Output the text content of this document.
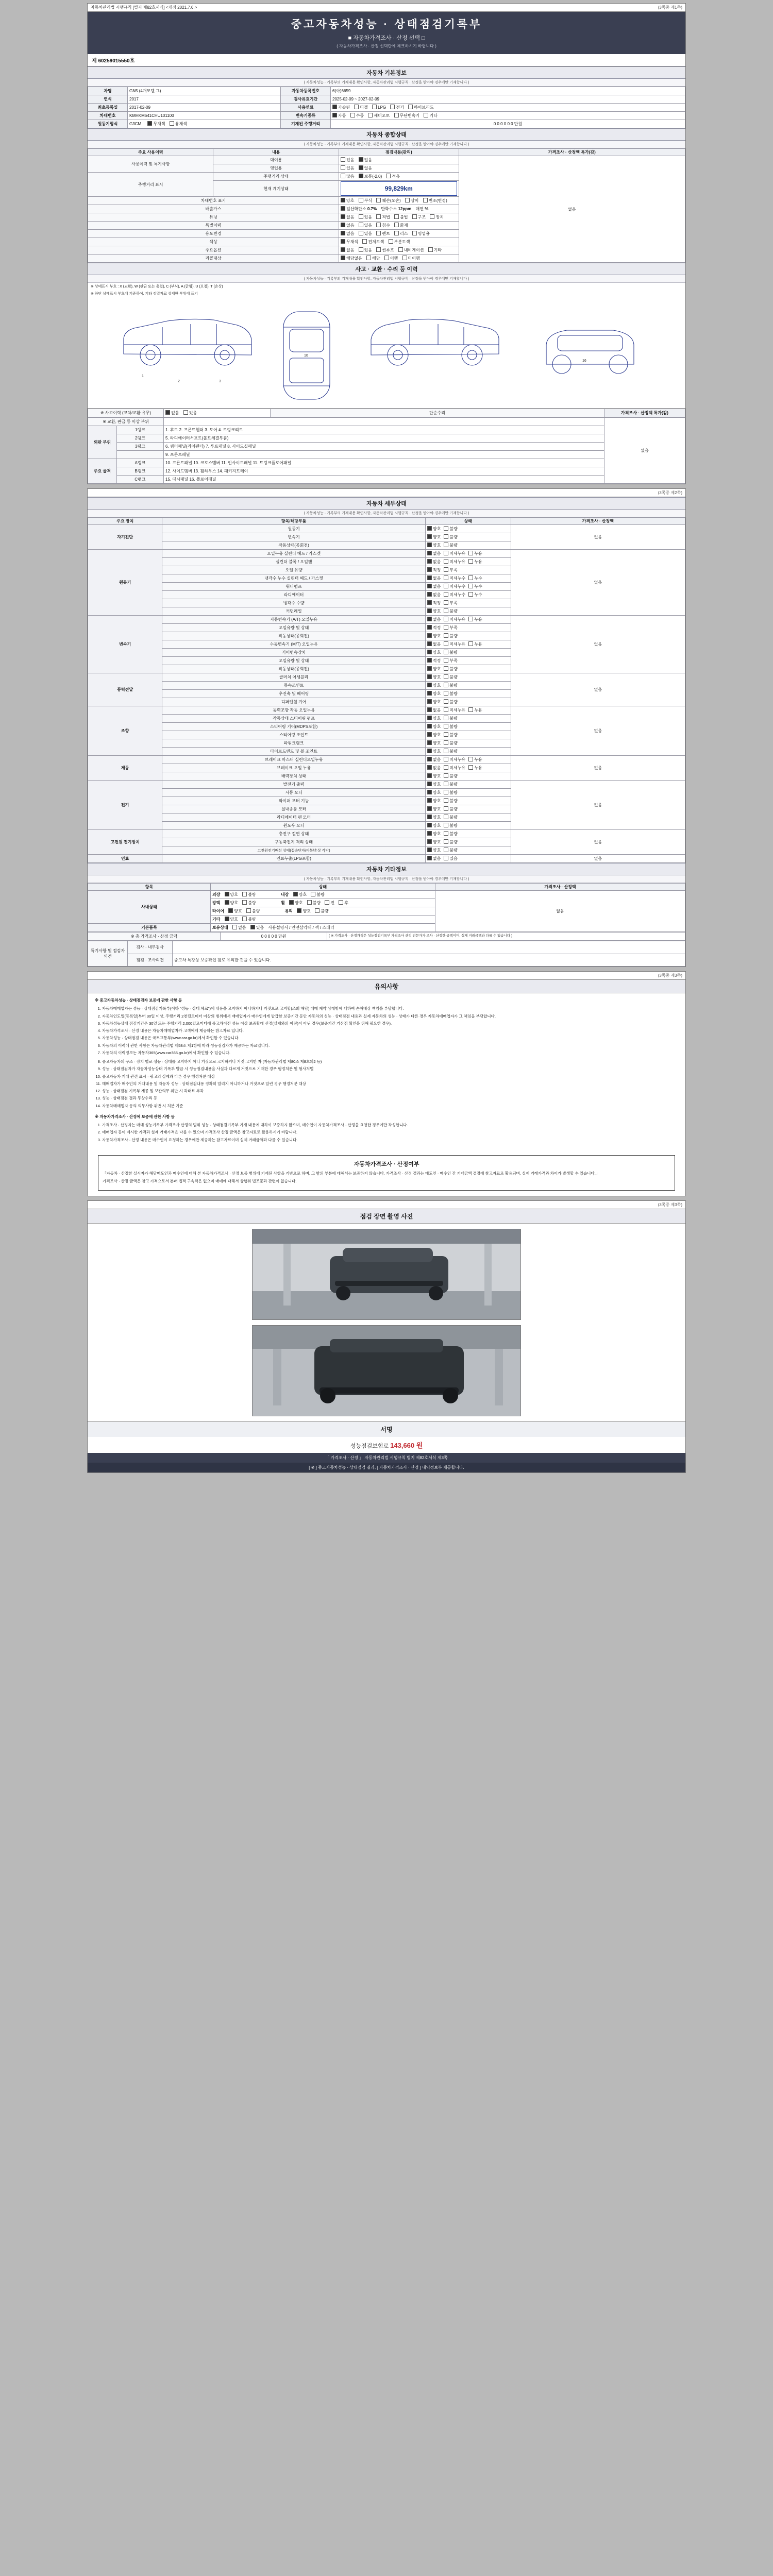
자동차관리법 시행규칙 [별지 제82호서식] <개정 2021.7.6.>	(3쪽중 제1쪽)
중고자동차성능 · 상태점검기록부
■ 자동차가격조사 · 산정 선택 □
( 자동차가격조사 · 산정 선택란에 체크하시기 바랍니다 )
제 60259015550호
자동차 기본정보
( 자동차성능 · 기록부의 기재내용 확인사항, 자동차관리법 시행규칙 · 산정을 받아야 경우에만 기재합니다 )
차명	GN5 (4개모델 그)	자동차등록번호	6(아)6659
연식	2017	검사유효기간	2025-02-09 ~ 2027-02-09
최초등록일	2017-02-09	사용연료	가솔린 디젤 LPG 전기 하이브리드
차대번호	KMHKM641CHU101100	변속기종류	자동 수동 세미오토 무단변속기 기타
원동기형식	G3CM 무채색 유채색	기재된 주행거리	0 0 0 0 0 0 만원
자동차 종합상태
( 자동차성능 · 기록부의 기재내용 확인사항, 자동차관리법 시행규칙 · 산정을 받아야 경우에만 기재합니다 )
주요 사용이력	내용	점검내용(관리)	가격조사 · 산정액 특가(감)
사용이력 및 특기사항	대여용	있음 없음	없음
	영업용	있음 없음	
주행거리 표시	주행거리 상태	많음 보통(-2,0) 적음	
	현재 계기상태	99,829km	

차대번호 표기		양호 부식 훼손(오손) 상이 변조(변경)	
배출가스		일산화탄소 0.7% 탄화수소 12ppm 매연 %	
튜닝		없음 있음 적법 불법 구조 장치	
특별이력		없음 있음 침수 화재	
용도변경		없음 있음 렌트 리스 영업용	
색상		무채색 전체도색 부분도색	
주요옵션		없음 있음 썬루프 내비게이션 기타	
리콜대상		해당없음 해당 이행 미이행	
사고 · 교환 · 수리 등 이력
( 자동차성능 · 기록부의 기재내용 확인사항, 자동차관리법 시행규칙 · 산정을 받아야 경우에만 기재합니다 )
※ 상태표시 부호 : X (교환), W (판금 또는 용접), C (부식), A (긁힘), U (요철), T (손상)
※ 하단 상태표시 부호에 기준하여, 기타 정밀자료 상세한 부위에 표기
1
2	3
10
16
※ 사고이력 (교차/교환 유무)	없음 있음	단순수리	가격조사 · 산정액 특가(감)
※ 교환, 판금 등 이상 부위			없음
외판 부위	1랭크	1. 후드 2. 프론트휀더 3. 도어 4. 트렁크리드	
	2랭크	5. 라디에이터서포트(볼트체결부품)	
	3랭크	6. 쿼터패널(리어펜더) 7. 루프패널 8. 사이드실패널	
		9. 프론트패널	
주요 골격	A랭크	10. 프론트패널 10. 크로스멤버 11. 인사이드패널 11. 트렁크플로어패널	
	B랭크	12. 사이드멤버 13. 휠하우스 14. 패키지트레이	
	C랭크	15. 대시패널 16. 플로어패널	
(3쪽중 제2쪽)
자동차 세부상태
( 자동차성능 · 기록부의 기재내용 확인사항, 자동차관리법 시행규칙 · 산정을 받아야 경우에만 기재합니다 )
주요 장치	항목/해당부품	상태	가격조사 · 산정액
자기진단	원동기	양호 불량	없음
	변속기	양호 불량	
	작동상태(공회전)	양호 불량	
원동기	오일누유 실린더 헤드 / 가스켓	없음 미세누유 누유	없음
	실린더 블록 / 오일팬	없음 미세누유 누유	
	오일 유량	적정 부족	
	냉각수 누수 실린더 헤드 / 가스켓	없음 미세누수 누수	
	워터펌프	없음 미세누수 누수	
	라디에이터	없음 미세누수 누수	
	냉각수 수량	적정 부족	
	커먼레일	양호 불량	
변속기	자동변속기 (A/T) 오일누유	없음 미세누유 누유	없음
	오일유량 및 상태	적정 부족	
	작동상태(공회전)	양호 불량	
	수동변속기 (M/T) 오일누유	없음 미세누유 누유	
	기어변속장치	양호 불량	
	오일유량 및 상태	적정 부족	
	작동상태(공회전)	양호 불량	
동력전달	클러치 어셈블리	양호 불량	없음
	등속조인트	양호 불량	
	추진축 및 베어링	양호 불량	
	디퍼렌셜 기어	양호 불량	
조향	동력조향 작동 오일누유	없음 미세누유 누유	없음
	작동상태 스티어링 펌프	양호 불량	
	스티어링 기어(MDPS포함)	양호 불량	
	스티어링 조인트	양호 불량	
	파워크랭크	양호 불량	
	타이로드엔드 및 볼 조인트	양호 불량	
제동	브레이크 마스터 실린더오일누유	없음 미세누유 누유	없음
	브레이크 오일 누유	없음 미세누유 누유	
	배력장치 상태	양호 불량	
전기	발전기 출력	양호 불량	없음
	시동 모터	양호 불량	
	와이퍼 모터 기능	양호 불량	
	실내송풍 모터	양호 불량	
	라디에이터 팬 모터	양호 불량	
	윈도우 모터	양호 불량	
고전원 전기장치	충전구 절연 상태	양호 불량	없음
	구동축전지 격리 상태	양호 불량	
	고전원전기배선 상태(접속단자/피복/손상 각각)	양호 불량	
연료	연료누출(LPG포함)	없음 있음	없음
자동차 기타정보
( 자동차성능 · 기록부의 기재내용 확인사항, 자동차관리법 시행규칙 · 산정을 받아야 경우에만 기재합니다 )
항목	상태	가격조사 · 산정액
사내상태	외장 양호 불량 내장 양호 불량	없음
	광택 양호 불량 휠 양호 불량 전 후	
	타이어 양호 불량 유리 양호 불량	
	기타 양호 불량	
기본품목	보유상태 없음 있음 사용설명서 / 안전삼각대 / 잭 / 스패너	
※ 총 가격조사 · 산정 금액	0 0 0 0 0 만원	( ※ 가격조사 · 산정가격은 성능점검기록부 가격조사 산정 전문가가 조사 · 산정한 금액이며, 실제 거래금액과 다를 수 있습니다 )
특기사항 및 점검자의견	검사 · 내부검사	
	점검 · 조사의견	중고차 특강상 보증확인 참로 유의한 것을 수 있습니다.
(3쪽중 제3쪽)
유의사항

※ 중고자동차성능 · 상태점검자 보증에 관한 사항 등

1. 자동차매매업자는 성능 · 상태점검기록부(이하 "성능 · 상태 체크")에 내용을 고지하지 아니하거나 거짓으로 고지할(조회 해당) 매매 계약 상대방에 대하여 손해배상 책임을 부담합니다.
2. 자동차인도일(등록일)부터 30일 이상, 주행거리 2천킬로미터 이상의 범위에서 매매업자가 매수인에게 발급한 보증기간 동안 자동차의 성능 · 상태점검 내용과 실제 자동차의 성능 · 상태가 다른 경우 자동차매매업자가 그 책임을 부담합니다.
3. 자동차성능상태 점검기간은 30일 또는 주행거리 2,000킬로미터에 중고차이전 성능 이상 보증확대 선정(실제와의 이전)이 아닌 경우(보증기간 기산점 확인을 위해 필요한 경우).
4. 자동차가격조사 · 산정 내용은 자동차매매업자가 고객에게 제공하는 참고자료 입니다.
5. 자동차성능 · 상태점검 내용은 국토교통부(www.car.go.kr)에서 확인할 수 있습니다.
6. 자동차의 이력에 관한 사항은 자동차관리법 제58조 제1항에 따라 성능점검자가 제공하는 자료입니다.
7. 자동차의 이력정보는 자동차365(www.car365.go.kr)에서 확인할 수 있습니다.
8. 중고자동차의 구조 · 장치 별로 성능 · 상태를 고지하지 아니 거짓으로 고지하거나 거짓 고지한 자 (자동차관리법 제80조 제8호의2 등)
9. 성능 · 상태점검자가 자동차성능상태 기록부 발급 시 성능점검내용을 사실과 다르게 거짓으로 기재한 경우 행정처분 및 형사처벌
10. 중고자동차 거래 관련 표시 · 광고의 실제와 다른 경우 행정처분 대상
11. 매매업자가 매수인의 거래내용 및 자동차 성능 · 상태점검내용 정확히 알리지 아니하거나 거짓으로 알린 경우 행정처분 대상
12. 성능 · 상태점검 기록부 제공 및 보관의무 위반 시 과태료 부과
13. 성능 · 상태점검 결과 무상수리 등
14. 자동차매매업자 등의 의무사항 위반 시 처분 기준

※ 자동차가격조사 · 산정에 보증에 관한 사항 등

1. 가격조사 · 산정자는 매매 성능기록부 가격조사 산정의 범위 성능 · 상태점검기록부 기재 내용에 대하여 보증하지 않으며, 매수인이 자동차가격조사 · 산정을 요청한 경우에만 작성합니다.
2. 매매업자 등이 제시한 가격과 실제 거래가격은 다를 수 있으며 가격조사 산정 금액은 참고자료로 활용하시기 바랍니다.
3. 자동차가격조사 · 산정 내용은 매수인이 요청하는 경우에만 제공하는 참고자료이며 실제 거래금액과 다를 수 있습니다.
자동차가격조사 · 산정여부

「자동차 · 산정한 실시자가 해당매도인과 매수인에 대해 본 자동차가격조사 · 산정 보증 범위에 기재된 사항을 기반으로 하며, 그 밖의 부분에 대해서는 보증하지 않습니다. 가격조사 · 산정 결과는 매도인 · 매수인 간 거래금액 결정에 참고자료로 활용되며, 실제 거래가격과 차이가 발생할 수 있습니다.」

가격조사 · 산정 금액은 참고 가격으로서 본래 법적 구속력은 없으며 매매에 대해서 상행위 법조문과 관련이 없습니다.

(3쪽중 제3쪽)
점검 장면 촬영 사진
서명
성능점검보험료 143,660 원
「 가격조사 · 산정 」 자동차관리법 시행규칙 별지 제82호서식 제3쪽
[ ※ ] 중고자동차성능 · 상태점검 결과, [ 자동차가격조사 · 산정 ] 내역정보부 제공합니다.
